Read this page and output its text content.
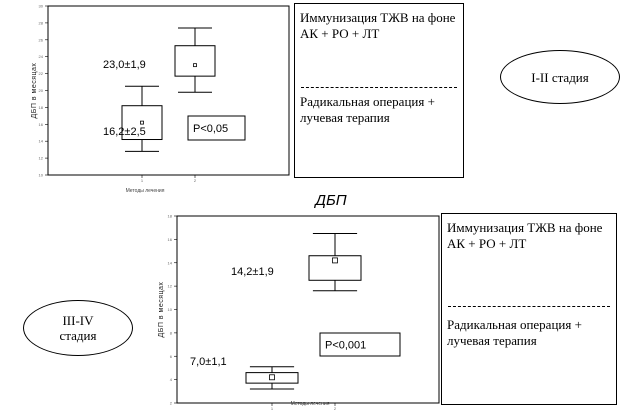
10
12
14
16
18
20
22
24
26
28
30
1	2
Методы лечения
ДБП в месяцах
16,2±2,5
23,0±1,9
P<0,05
2
4
6
8
10
12
14
16
18
1	2
Методы лечения
ДБП в месяцах
7,0±1,1
14,2±1,9
P<0,001
Иммунизация ТЖВ на фоне АК + РО + ЛТ
Радикальная операция + лучевая терапия
Иммунизация ТЖВ на фоне АК + РО + ЛТ
Радикальная операция + лучевая терапия
I-II стадия
III-IV стадия
ДБП
